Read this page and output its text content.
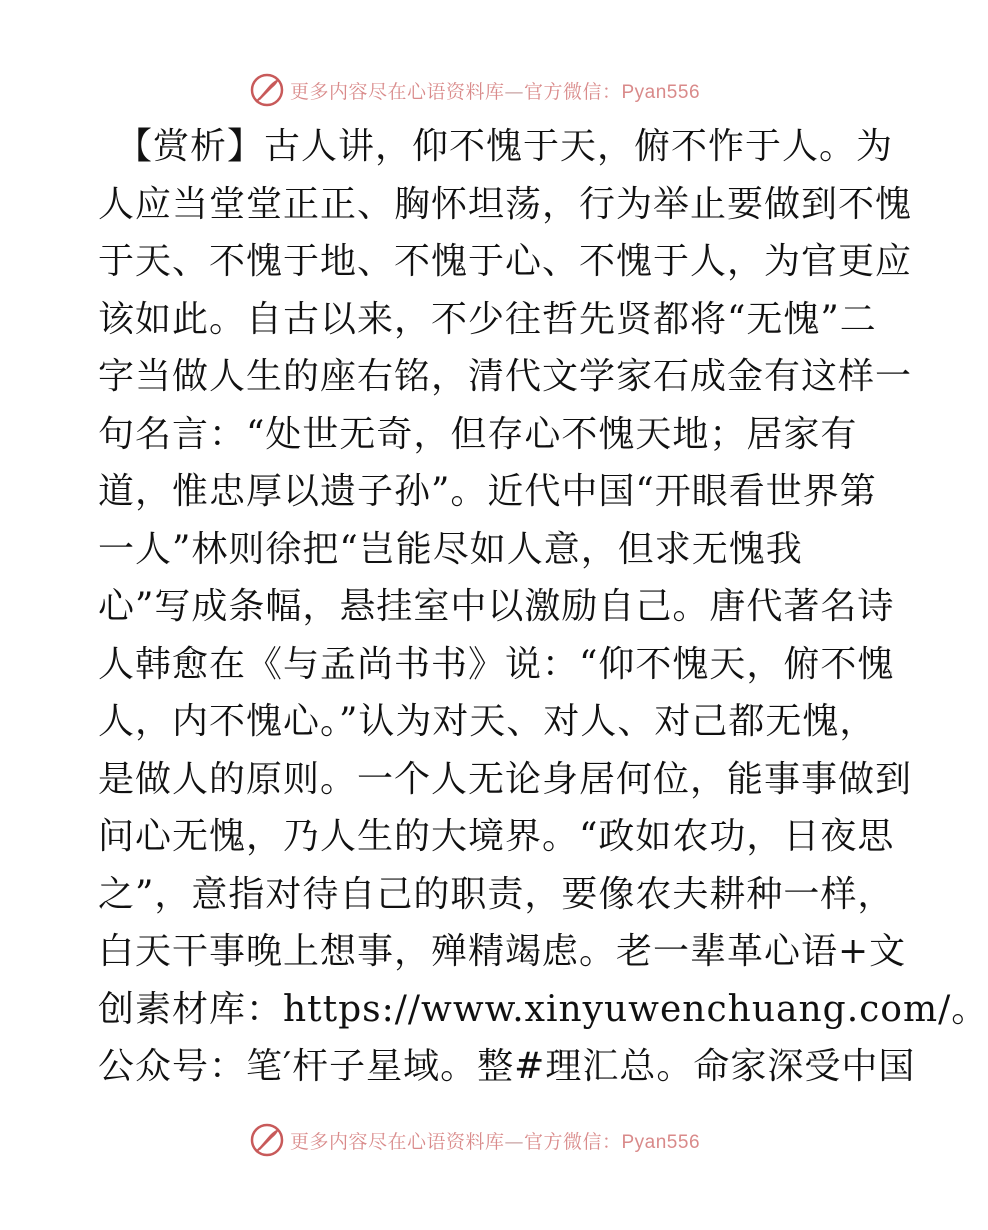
更多内容尽在心语资料库—官方微信：Pyan556
【赏析】古人讲，仰不愧于天，俯不怍于人。为
人应当堂堂正正、胸怀坦荡，行为举止要做到不愧
于天、不愧于地、不愧于心、不愧于人，为官更应
该如此。自古以来，不少往哲先贤都将“无愧”二
字当做人生的座右铭，清代文学家石成金有这样一
句名言：“处世无奇，但存心不愧天地；居家有
道，惟忠厚以遗子孙”。近代中国“开眼看世界第
一人”林则徐把“岂能尽如人意，但求无愧我
心”写成条幅，悬挂室中以激励自己。唐代著名诗
人韩愈在《与孟尚书书》说：“仰不愧天，俯不愧
人，内不愧心。”认为对天、对人、对己都无愧，
是做人的原则。一个人无论身居何位，能事事做到
问心无愧，乃人生的大境界。“政如农功，日夜思
之”，意指对待自己的职责，要像农夫耕种一样，
白天干事晚上想事，殚精竭虑。老一辈革心语+文
创素材库：https://www.xinyuwenchuang.com/。
公众号：笔′杆子星域。整#理汇总。命家深受中国
更多内容尽在心语资料库—官方微信：Pyan556
